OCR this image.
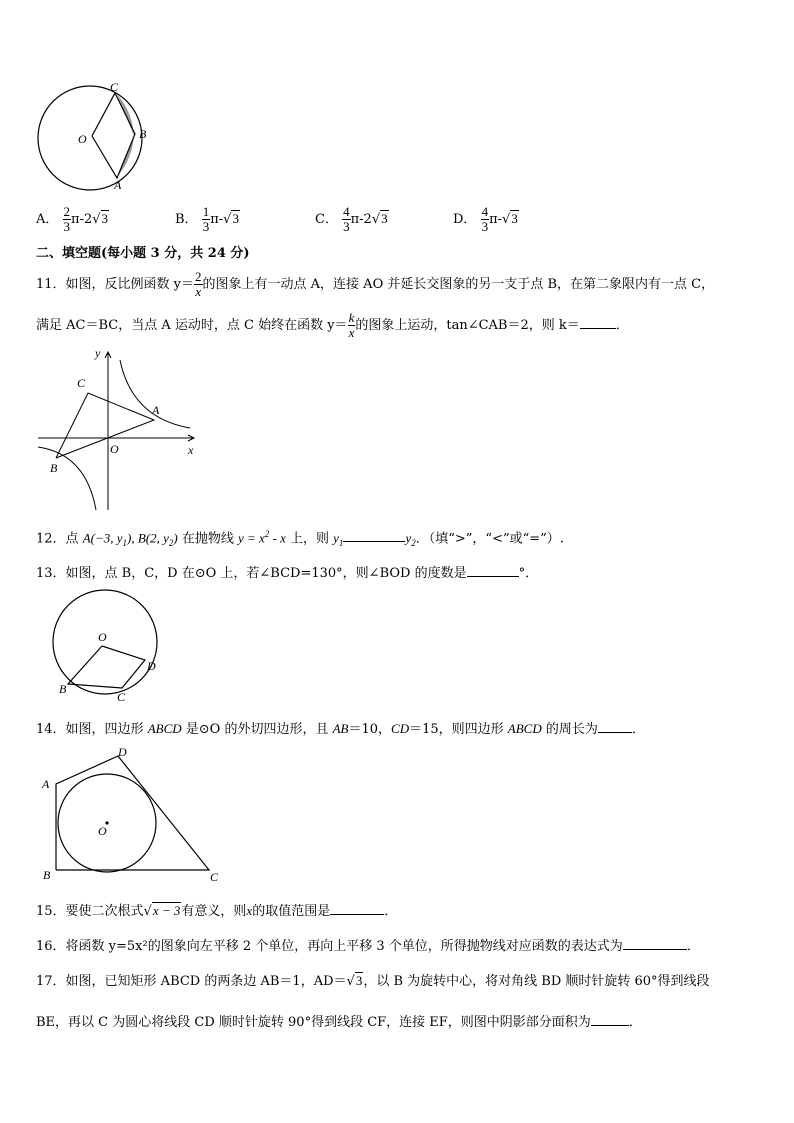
C
O	B
A
A． $\frac{2}{3} \pi-2√3$	B． $\frac{1}{3} \pi-√3$	C． $\frac{4}{3} \pi-2√3$	D． $\frac{4}{3} \pi-√3$
二、填空题(每小题 3 分，共 24 分)
11．如图，反比例函数 $y= \frac{2}{x}$ 的图象上有一动点 A，连接 AO 并延长交图象的另一支于点 B，在第二象限内有一点 C，
满足 AC＝BC，当点 A 运动时，点 C 始终在函数 $y= \frac{k}{x}$ 的图象上运动，tan∠CAB＝2，则 k＝	．
y
C
A
O	x
B
12．点 A(−3, $y_1$), B(2, $y_2$) 在抛物线 $y = x^2 - x$ 上，则 $y_1$	$y_2$．（填“>”，“<”或“=”）.
13．如图，点 B，C，D 在⊙O 上，若∠BCD=130°，则∠BOD 的度数是	°．
O
D
B
C
14．如图，四边形 ABCD 是⊙O 的外切四边形，且 AB＝10，CD＝15，则四边形 ABCD 的周长为	．
D
A
O
B	C
15．要使二次根式√x − 3有意义，则x的取值范围是	．
16．将函数 y=5x²的图象向左平移 2 个单位，再向上平移 3 个单位，所得抛物线对应函数的表达式为	．
17．如图，已知矩形 ABCD 的两条边 AB＝1，AD＝√3，以 B 为旋转中心，将对角线 BD 顺时针旋转 60°得到线段
BE，再以 C 为圆心将线段 CD 顺时针旋转 90°得到线段 CF，连接 EF，则图中阴影部分面积为	．
